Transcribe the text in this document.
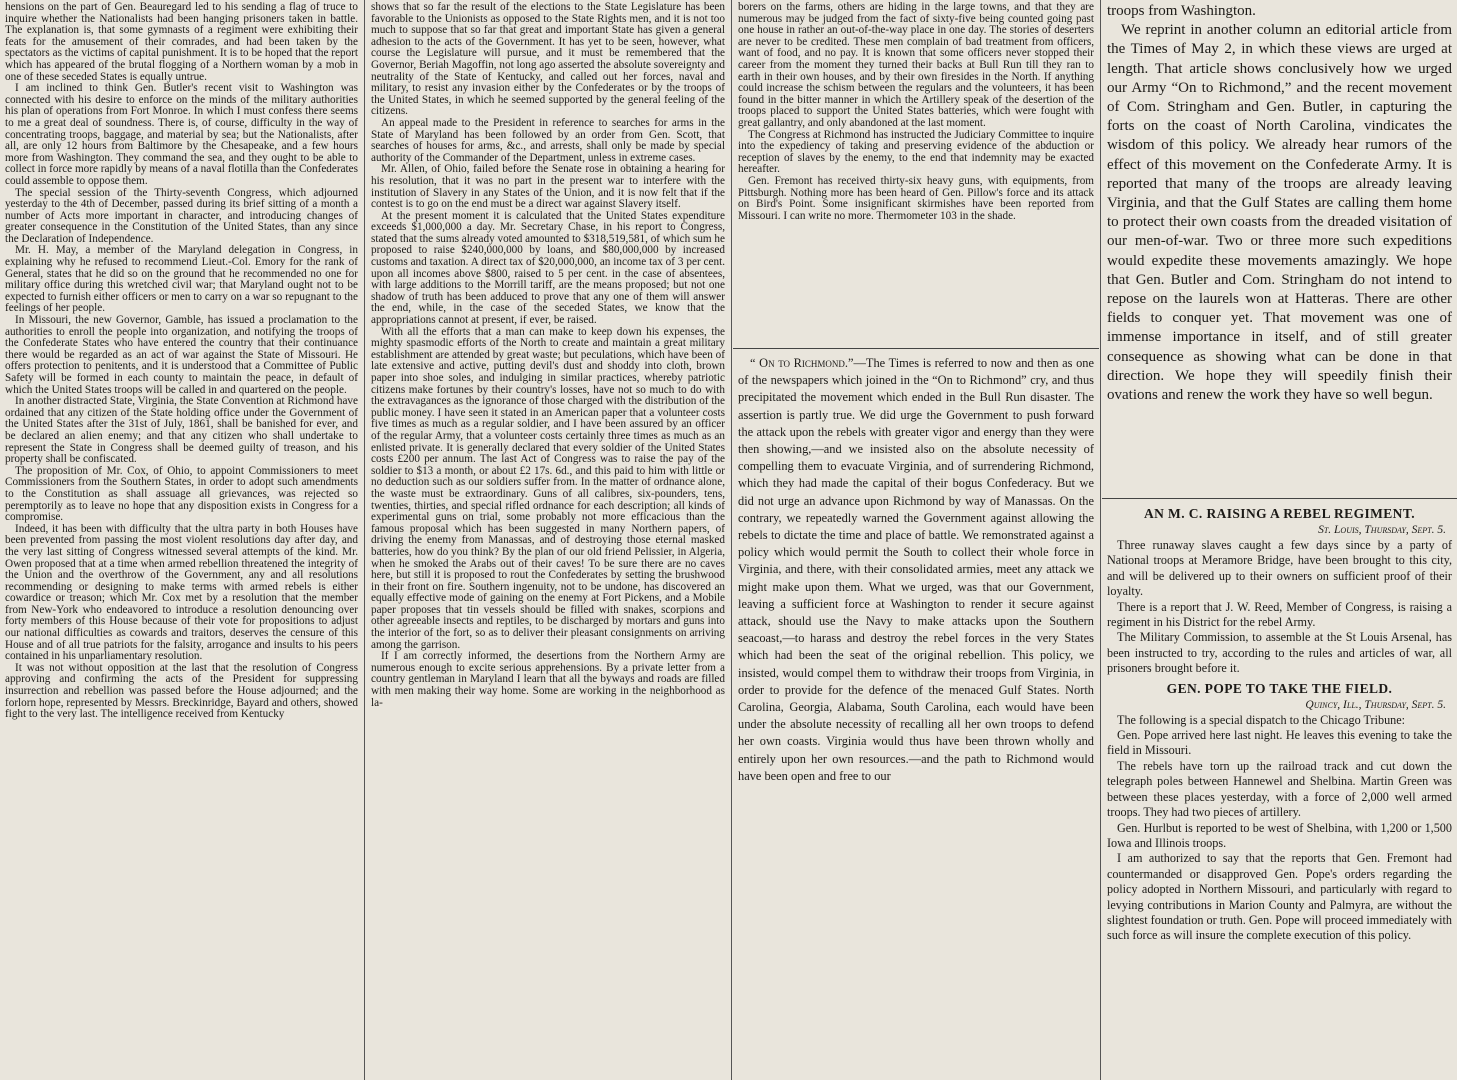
hensions on the part of Gen. Beauregard led to his sending a flag of truce to inquire whether the Nationalists had been hanging prisoners taken in battle. The explanation is, that some gymnasts of a regiment were exhibiting their feats for the amusement of their comrades, and had been taken by the spectators as the victims of capital punishment. It is to be hoped that the report which has appeared of the brutal flogging of a Northern woman by a mob in one of these seceded States is equally untrue.

I am inclined to think Gen. Butler's recent visit to Washington was connected with his desire to enforce on the minds of the military authorities his plan of operations from Fort Monroe. In which I must confess there seems to me a great deal of soundness. There is, of course, difficulty in the way of concentrating troops, baggage, and material by sea; but the Nationalists, after all, are only 12 hours from Baltimore by the Chesapeake, and a few hours more from Washington. They command the sea, and they ought to be able to collect in force more rapidly by means of a naval flotilla than the Confederates could assemble to oppose them.

The special session of the Thirty-seventh Congress, which adjourned yesterday to the 4th of December, passed during its brief sitting of a month a number of Acts more important in character, and introducing changes of greater consequence in the Constitution of the United States, than any since the Declaration of Independence.

Mr. H. May, a member of the Maryland delegation in Congress, in explaining why he refused to recommend Lieut.-Col. Emory for the rank of General, states that he did so on the ground that he recommended no one for military office during this wretched civil war; that Maryland ought not to be expected to furnish either officers or men to carry on a war so repugnant to the feelings of her people.

In Missouri, the new Governor, Gamble, has issued a proclamation to the authorities to enroll the people into organization, and notifying the troops of the Confederate States who have entered the country that their continuance there would be regarded as an act of war against the State of Missouri. He offers protection to penitents, and it is understood that a Committee of Public Safety will be formed in each county to maintain the peace, in default of which the United States troops will be called in and quartered on the people.

In another distracted State, Virginia, the State Convention at Richmond have ordained that any citizen of the State holding office under the Government of the United States after the 31st of July, 1861, shall be banished for ever, and be declared an alien enemy; and that any citizen who shall undertake to represent the State in Congress shall be deemed guilty of treason, and his property shall be confiscated.

The proposition of Mr. Cox, of Ohio, to appoint Commissioners to meet Commissioners from the Southern States, in order to adopt such amendments to the Constitution as shall assuage all grievances, was rejected so peremptorily as to leave no hope that any disposition exists in Congress for a compromise.

Indeed, it has been with difficulty that the ultra party in both Houses have been prevented from passing the most violent resolutions day after day, and the very last sitting of Congress witnessed several attempts of the kind. Mr. Owen proposed that at a time when armed rebellion threatened the integrity of the Union and the overthrow of the Government, any and all resolutions recommending or designing to make terms with armed rebels is either cowardice or treason; which Mr. Cox met by a resolution that the member from New-York who endeavored to introduce a resolution denouncing over forty members of this House because of their vote for propositions to adjust our national difficulties as cowards and traitors, deserves the censure of this House and of all true patriots for the falsity, arrogance and insults to his peers contained in his unparliamentary resolution.

It was not without opposition at the last that the resolution of Congress approving and confirming the acts of the President for suppressing insurrection and rebellion was passed before the House adjourned; and the forlorn hope, represented by Messrs. Breckinridge, Bayard and others, showed fight to the very last. The intelligence received from Kentucky

shows that so far the result of the elections to the State Legislature has been favorable to the Unionists as opposed to the State Rights men, and it is not too much to suppose that so far that great and important State has given a general adhesion to the acts of the Government. It has yet to be seen, however, what course the Legislature will pursue, and it must be remembered that the Governor, Beriah Magoffin, not long ago asserted the absolute sovereignty and neutrality of the State of Kentucky, and called out her forces, naval and military, to resist any invasion either by the Confederates or by the troops of the United States, in which he seemed supported by the general feeling of the citizens.

An appeal made to the President in reference to searches for arms in the State of Maryland has been followed by an order from Gen. Scott, that searches of houses for arms, &c., and arrests, shall only be made by special authority of the Commander of the Department, unless in extreme cases.

Mr. Allen, of Ohio, failed before the Senate rose in obtaining a hearing for his resolution, that it was no part in the present war to interfere with the institution of Slavery in any States of the Union, and it is now felt that if the contest is to go on the end must be a direct war against Slavery itself.

At the present moment it is calculated that the United States expenditure exceeds $1,000,000 a day. Mr. Secretary Chase, in his report to Congress, stated that the sums already voted amounted to $318,519,581, of which sum he proposed to raise $240,000,000 by loans, and $80,000,000 by increased customs and taxation. A direct tax of $20,000,000, an income tax of 3 per cent. upon all incomes above $800, raised to 5 per cent. in the case of absentees, with large additions to the Morrill tariff, are the means proposed; but not one shadow of truth has been adduced to prove that any one of them will answer the end, while, in the case of the seceded States, we know that the appropriations cannot at present, if ever, be raised.

With all the efforts that a man can make to keep down his expenses, the mighty spasmodic efforts of the North to create and maintain a great military establishment are attended by great waste; but peculations, which have been of late extensive and active, putting devil's dust and shoddy into cloth, brown paper into shoe soles, and indulging in similar practices, whereby patriotic citizens make fortunes by their country's losses, have not so much to do with the extravagances as the ignorance of those charged with the distribution of the public money. I have seen it stated in an American paper that a volunteer costs five times as much as a regular soldier, and I have been assured by an officer of the regular Army, that a volunteer costs certainly three times as much as an enlisted private. It is generally declared that every soldier of the United States costs £200 per annum. The last Act of Congress was to raise the pay of the soldier to $13 a month, or about £2 17s. 6d., and this paid to him with little or no deduction such as our soldiers suffer from. In the matter of ordnance alone, the waste must be extraordinary. Guns of all calibres, six-pounders, tens, twenties, thirties, and special rifled ordnance for each description; all kinds of experimental guns on trial, some probably not more efficacious than the famous proposal which has been suggested in many Northern papers, of driving the enemy from Manassas, and of destroying those eternal masked batteries, how do you think? By the plan of our old friend Pelissier, in Algeria, when he smoked the Arabs out of their caves! To be sure there are no caves here, but still it is proposed to rout the Confederates by setting the brushwood in their front on fire. Southern ingenuity, not to be undone, has discovered an equally effective mode of gaining on the enemy at Fort Pickens, and a Mobile paper proposes that tin vessels should be filled with snakes, scorpions and other agreeable insects and reptiles, to be discharged by mortars and guns into the interior of the fort, so as to deliver their pleasant consignments on arriving among the garrison.

If I am correctly informed, the desertions from the Northern Army are numerous enough to excite serious apprehensions. By a private letter from a country gentleman in Maryland I learn that all the byways and roads are filled with men making their way home. Some are working in the neighborhood as la-

borers on the farms, others are hiding in the large towns, and that they are numerous may be judged from the fact of sixty-five being counted going past one house in rather an out-of-the-way place in one day. The stories of deserters are never to be credited. These men complain of bad treatment from officers, want of food, and no pay. It is known that some officers never stopped their career from the moment they turned their backs at Bull Run till they ran to earth in their own houses, and by their own firesides in the North. If anything could increase the schism between the regulars and the volunteers, it has been found in the bitter manner in which the Artillery speak of the desertion of the troops placed to support the United States batteries, which were fought with great gallantry, and only abandoned at the last moment.

The Congress at Richmond has instructed the Judiciary Committee to inquire into the expediency of taking and preserving evidence of the abduction or reception of slaves by the enemy, to the end that indemnity may be exacted hereafter.

Gen. Fremont has received thirty-six heavy guns, with equipments, from Pittsburgh. Nothing more has been heard of Gen. Pillow's force and its attack on Bird's Point. Some insignificant skirmishes have been reported from Missouri. I can write no more. Thermometer 103 in the shade.

“ On to Richmond.”—The Times is referred to now and then as one of the newspapers which joined in the “On to Richmond” cry, and thus precipitated the movement which ended in the Bull Run disaster. The assertion is partly true. We did urge the Government to push forward the attack upon the rebels with greater vigor and energy than they were then showing,—and we insisted also on the absolute necessity of compelling them to evacuate Virginia, and of surrendering Richmond, which they had made the capital of their bogus Confederacy. But we did not urge an advance upon Richmond by way of Manassas. On the contrary, we repeatedly warned the Government against allowing the rebels to dictate the time and place of battle. We remonstrated against a policy which would permit the South to collect their whole force in Virginia, and there, with their consolidated armies, meet any attack we might make upon them. What we urged, was that our Government, leaving a sufficient force at Washington to render it secure against attack, should use the Navy to make attacks upon the Southern seacoast,—to harass and destroy the rebel forces in the very States which had been the seat of the original rebellion. This policy, we insisted, would compel them to withdraw their troops from Virginia, in order to provide for the defence of the menaced Gulf States. North Carolina, Georgia, Alabama, South Carolina, each would have been under the absolute necessity of recalling all her own troops to defend her own coasts. Virginia would thus have been thrown wholly and entirely upon her own resources.—and the path to Richmond would have been open and free to our

troops from Washington.

We reprint in another column an editorial article from the Times of May 2, in which these views are urged at length. That article shows conclusively how we urged our Army “On to Richmond,” and the recent movement of Com. Stringham and Gen. Butler, in capturing the forts on the coast of North Carolina, vindicates the wisdom of this policy. We already hear rumors of the effect of this movement on the Confederate Army. It is reported that many of the troops are already leaving Virginia, and that the Gulf States are calling them home to protect their own coasts from the dreaded visitation of our men-of-war. Two or three more such expeditions would expedite these movements amazingly. We hope that Gen. Butler and Com. Stringham do not intend to repose on the laurels won at Hatteras. There are other fields to conquer yet. That movement was one of immense importance in itself, and of still greater consequence as showing what can be done in that direction. We hope they will speedily finish their ovations and renew the work they have so well begun.

AN M. C. RAISING A REBEL REGIMENT.
St. Louis, Thursday, Sept. 5.

Three runaway slaves caught a few days since by a party of National troops at Meramore Bridge, have been brought to this city, and will be delivered up to their owners on sufficient proof of their loyalty.

There is a report that J. W. Reed, Member of Congress, is raising a regiment in his District for the rebel Army.

The Military Commission, to assemble at the St Louis Arsenal, has been instructed to try, according to the rules and articles of war, all prisoners brought before it.

GEN. POPE TO TAKE THE FIELD.
Quincy, Ill., Thursday, Sept. 5.

The following is a special dispatch to the Chicago Tribune:

Gen. Pope arrived here last night. He leaves this evening to take the field in Missouri.

The rebels have torn up the railroad track and cut down the telegraph poles between Hannewel and Shelbina. Martin Green was between these places yesterday, with a force of 2,000 well armed troops. They had two pieces of artillery.

Gen. Hurlbut is reported to be west of Shelbina, with 1,200 or 1,500 Iowa and Illinois troops.

I am authorized to say that the reports that Gen. Fremont had countermanded or disapproved Gen. Pope's orders regarding the policy adopted in Northern Missouri, and particularly with regard to levying contributions in Marion County and Palmyra, are without the slightest foundation or truth. Gen. Pope will proceed immediately with such force as will insure the complete execution of this policy.
